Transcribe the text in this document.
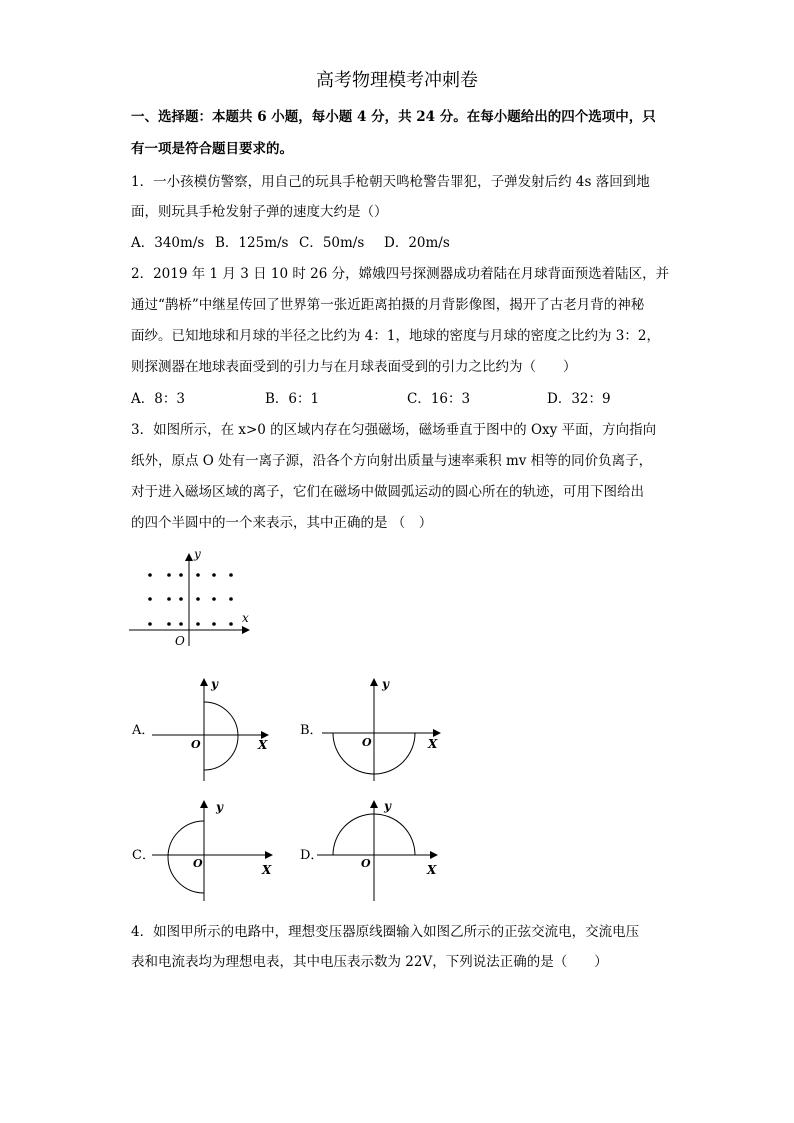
高考物理模考冲刺卷
一、选择题：本题共 6 小题，每小题 4 分，共 24 分。在每小题给出的四个选项中，只
有一项是符合题目要求的。
1．一小孩模仿警察，用自己的玩具手枪朝天鸣枪警告罪犯，子弹发射后约 4s 落回到地
面，则玩具手枪发射子弹的速度大约是（）
A．340m/s B．125m/s C．50m/s D．20m/s
2．2019 年 1 月 3 日 10 时 26 分，嫦娥四号探测器成功着陆在月球背面预选着陆区，并
通过“鹊桥”中继星传回了世界第一张近距离拍摄的月背影像图，揭开了古老月背的神秘
面纱。已知地球和月球的半径之比约为 4：1，地球的密度与月球的密度之比约为 3：2，
则探测器在地球表面受到的引力与在月球表面受到的引力之比约为（　　）
A．8：3	B．6：1	C．16：3	D．32：9
3．如图所示，在 x>0 的区域内存在匀强磁场，磁场垂直于图中的 Oxy 平面，方向指向
纸外，原点 O 处有一离子源，沿各个方向射出质量与速率乘积 mv 相等的同价负离子，
对于进入磁场区域的离子，它们在磁场中做圆弧运动的圆心所在的轨迹，可用下图给出
的四个半圆中的一个来表示，其中正确的是 （　）
y
x
O
A．
y
O	X
B．
y
O	X
C．
y
O	X
D．
y
O	X
4．如图甲所示的电路中，理想变压器原线圈输入如图乙所示的正弦交流电，交流电压
表和电流表均为理想电表，其中电压表示数为 22V，下列说法正确的是（　　）
